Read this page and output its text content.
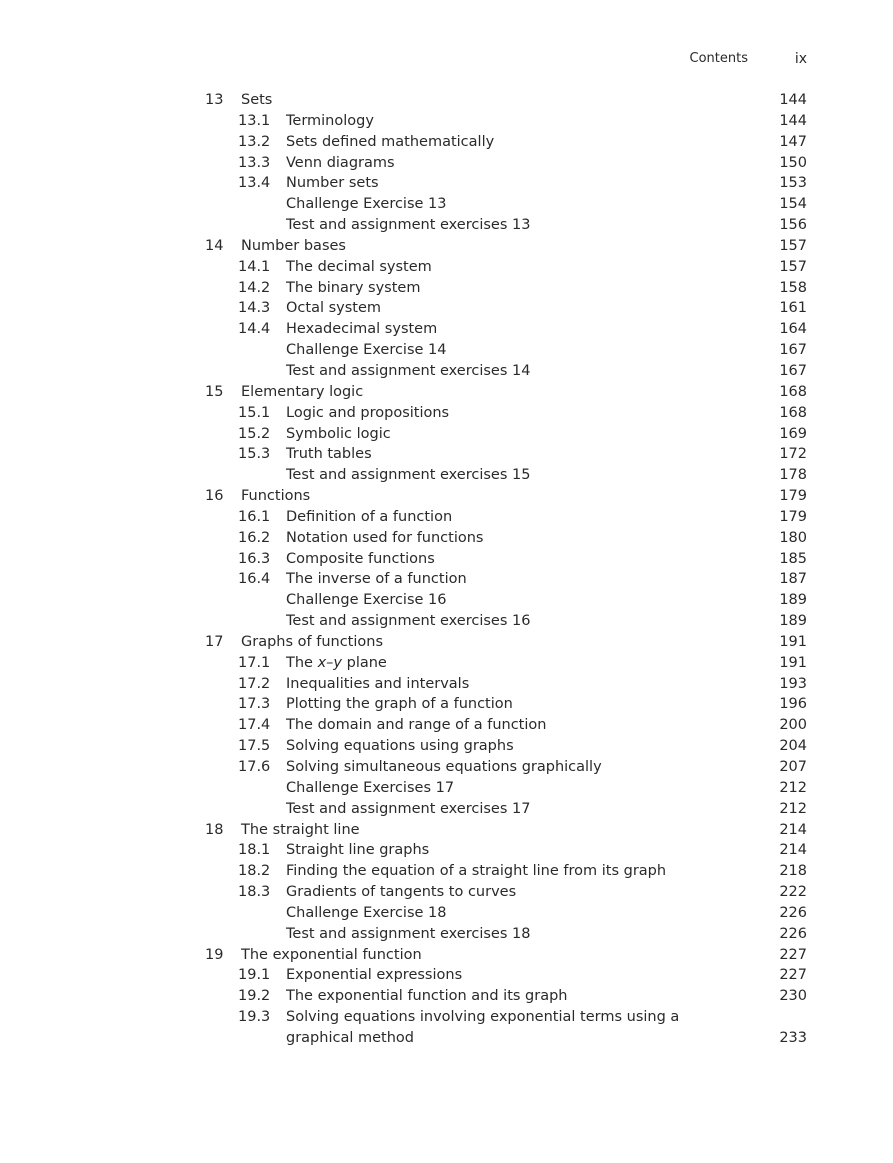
Contents	ix
13 Sets	144
13.1 Terminology	144
13.2 Sets defined mathematically	147
13.3 Venn diagrams	150
13.4 Number sets	153
Challenge Exercise 13	154
Test and assignment exercises 13	156
14 Number bases	157
14.1 The decimal system	157
14.2 The binary system	158
14.3 Octal system	161
14.4 Hexadecimal system	164
Challenge Exercise 14	167
Test and assignment exercises 14	167
15 Elementary logic	168
15.1 Logic and propositions	168
15.2 Symbolic logic	169
15.3 Truth tables	172
Test and assignment exercises 15	178
16 Functions	179
16.1 Definition of a function	179
16.2 Notation used for functions	180
16.3 Composite functions	185
16.4 The inverse of a function	187
Challenge Exercise 16	189
Test and assignment exercises 16	189
17 Graphs of functions	191
17.1 The x–y plane	191
17.2 Inequalities and intervals	193
17.3 Plotting the graph of a function	196
17.4 The domain and range of a function	200
17.5 Solving equations using graphs	204
17.6 Solving simultaneous equations graphically	207
Challenge Exercises 17	212
Test and assignment exercises 17	212
18 The straight line	214
18.1 Straight line graphs	214
18.2 Finding the equation of a straight line from its graph	218
18.3 Gradients of tangents to curves	222
Challenge Exercise 18	226
Test and assignment exercises 18	226
19 The exponential function	227
19.1 Exponential expressions	227
19.2 The exponential function and its graph	230
19.3 Solving equations involving exponential terms using a
graphical method	233
